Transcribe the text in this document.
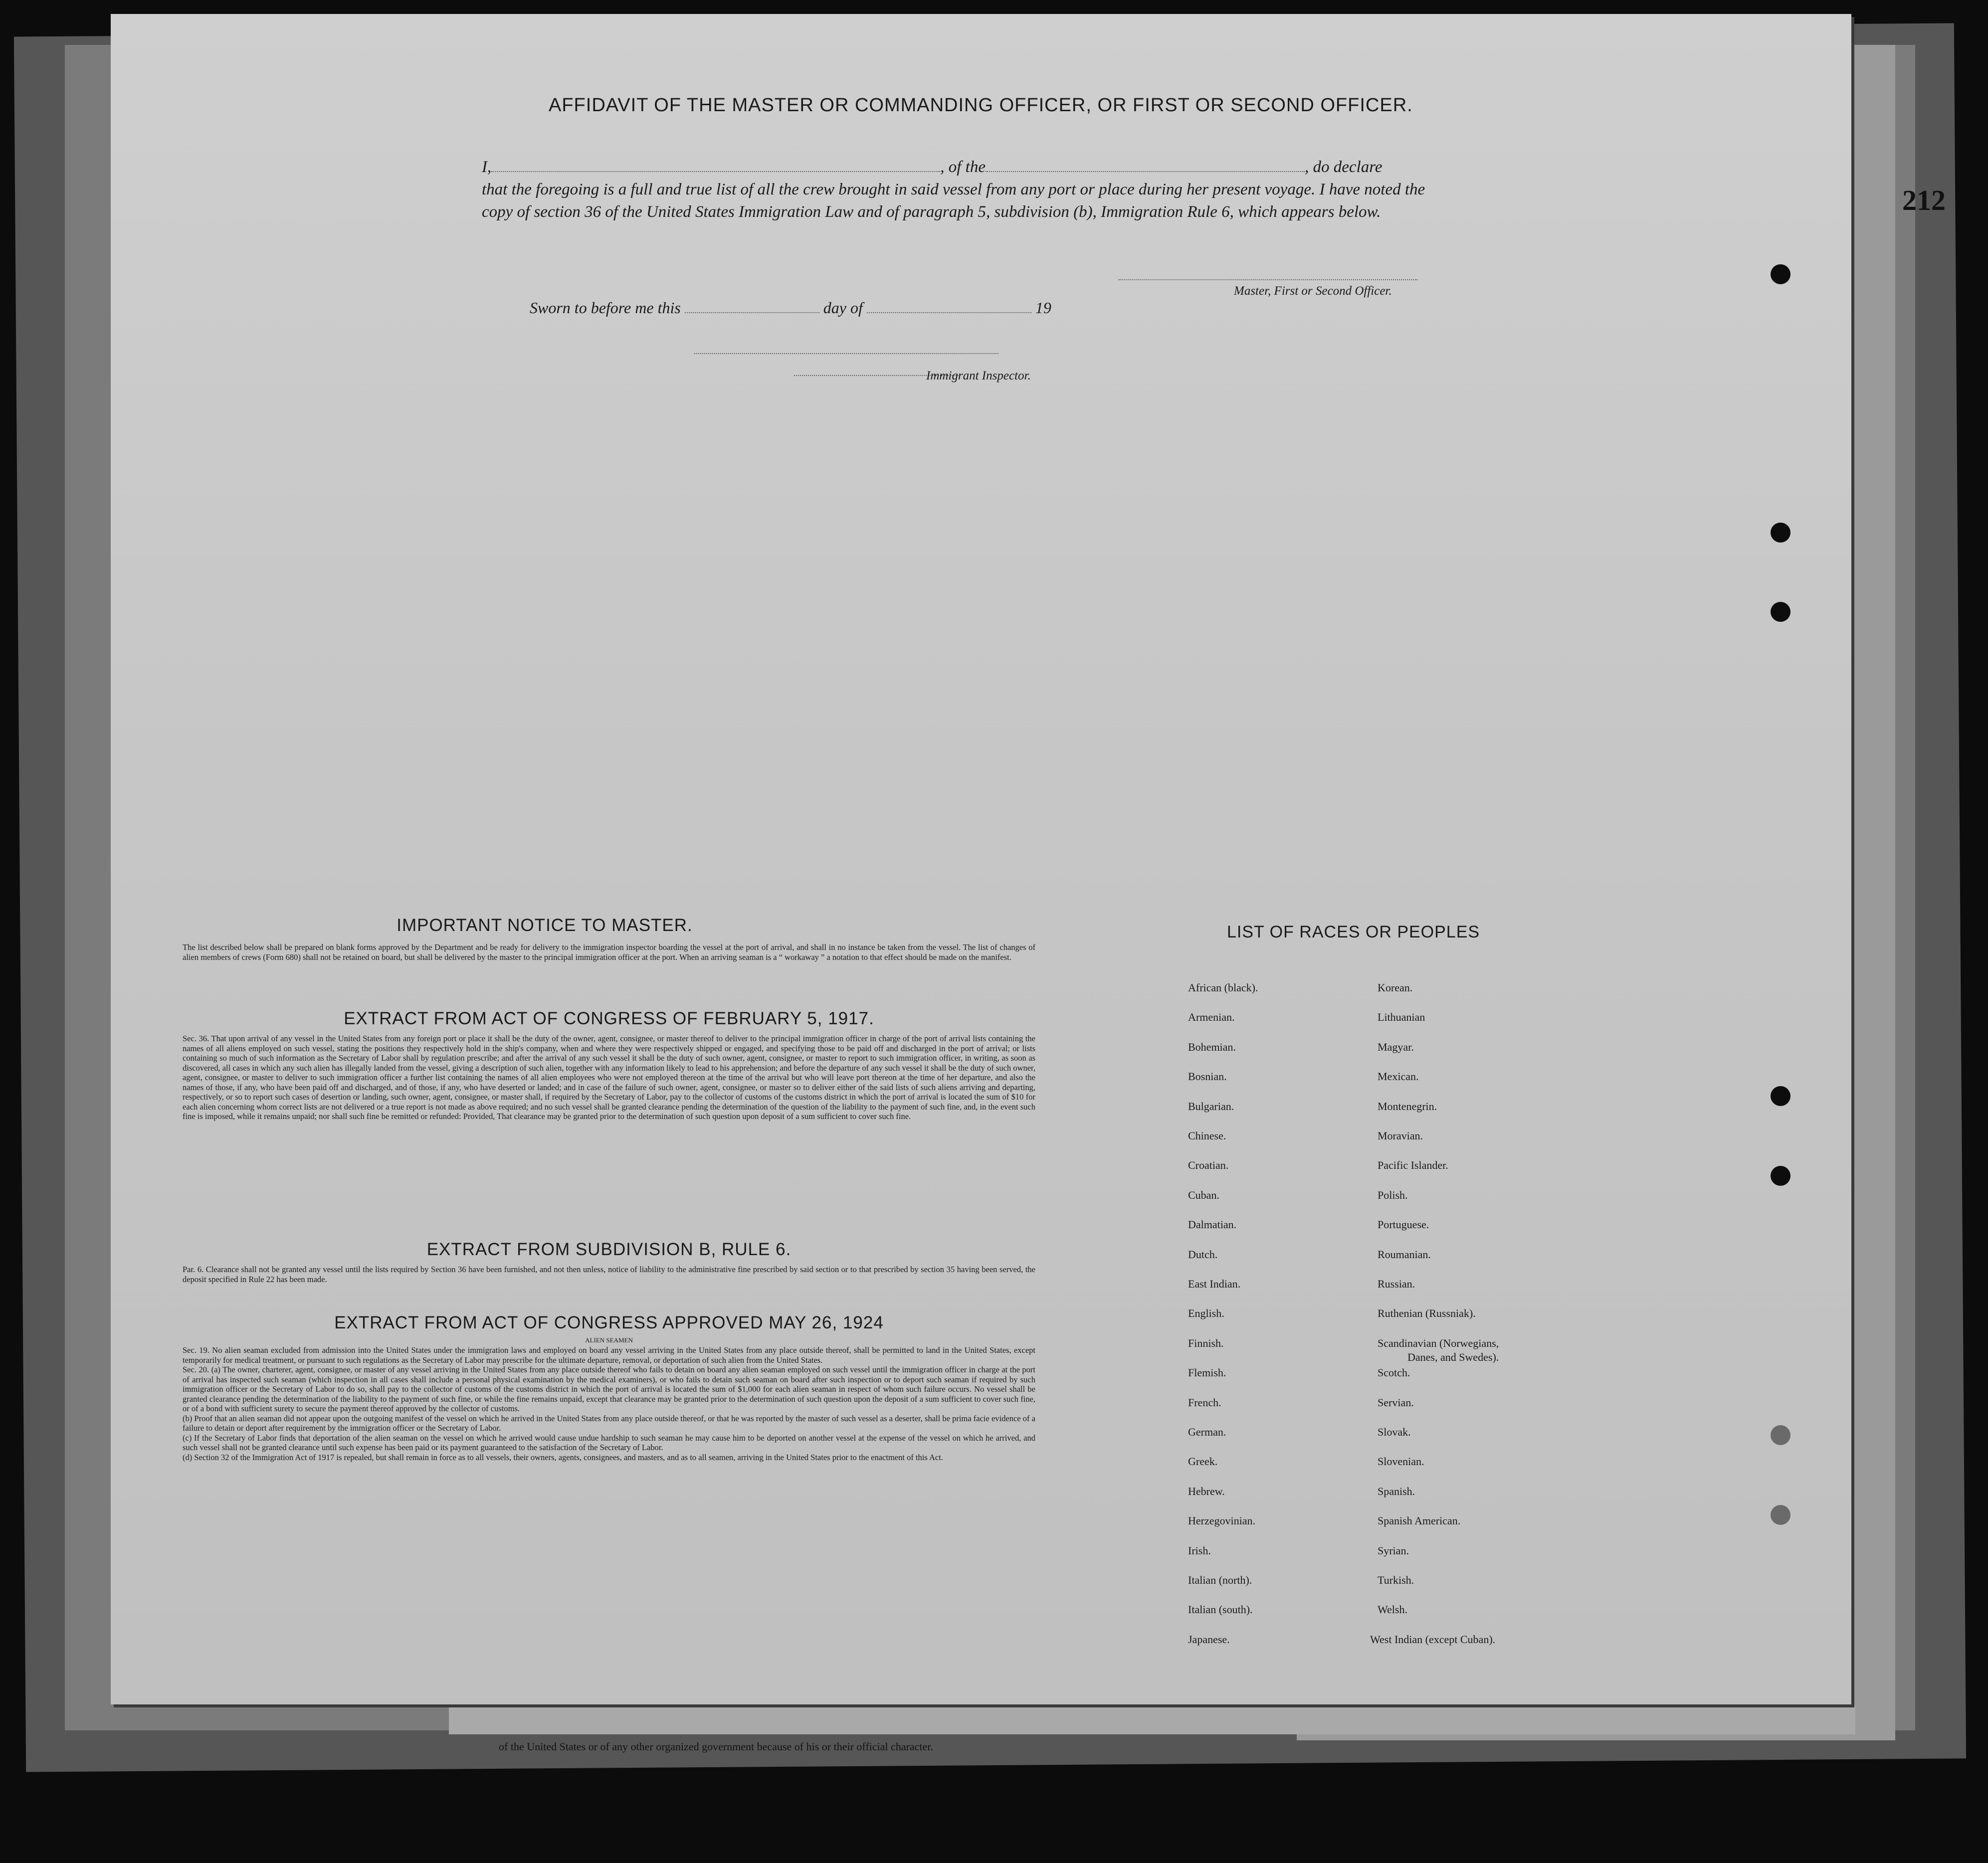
of the United States or of any other organized government because of his or their official character.
212
AFFIDAVIT OF THE MASTER OR COMMANDING OFFICER, OR FIRST OR SECOND OFFICER.
I,	, of the	, do declare
that the foregoing is a full and true list of all the crew brought in said vessel from any port or place during her present voyage. I have noted the copy of section 36 of the United States Immigration Law and of paragraph 5, subdivision (b), Immigration Rule 6, which appears below.
Master, First or Second Officer.
Sworn to before me this	day of	19
Immigrant Inspector.
IMPORTANT NOTICE TO MASTER.
The list described below shall be prepared on blank forms approved by the Department and be ready for delivery to the immigration inspector boarding the vessel at the port of arrival, and shall in no instance be taken from the vessel. The list of changes of alien members of crews (Form 680) shall not be retained on board, but shall be delivered by the master to the principal immigration officer at the port. When an arriving seaman is a “ workaway ” a notation to that effect should be made on the manifest.
EXTRACT FROM ACT OF CONGRESS OF FEBRUARY 5, 1917.
Sec. 36. That upon arrival of any vessel in the United States from any foreign port or place it shall be the duty of the owner, agent, consignee, or master thereof to deliver to the principal immigration officer in charge of the port of arrival lists containing the names of all aliens employed on such vessel, stating the positions they respectively hold in the ship's company, when and where they were respectively shipped or engaged, and specifying those to be paid off and discharged in the port of arrival; or lists containing so much of such information as the Secretary of Labor shall by regulation prescribe; and after the arrival of any such vessel it shall be the duty of such owner, agent, consignee, or master to report to such immigration officer, in writing, as soon as discovered, all cases in which any such alien has illegally landed from the vessel, giving a description of such alien, together with any information likely to lead to his apprehension; and before the departure of any such vessel it shall be the duty of such owner, agent, consignee, or master to deliver to such immigration officer a further list containing the names of all alien employees who were not employed thereon at the time of the arrival but who will leave port thereon at the time of her departure, and also the names of those, if any, who have been paid off and discharged, and of those, if any, who have deserted or landed; and in case of the failure of such owner, agent, consignee, or master so to deliver either of the said lists of such aliens arriving and departing, respectively, or so to report such cases of desertion or landing, such owner, agent, consignee, or master shall, if required by the Secretary of Labor, pay to the collector of customs of the customs district in which the port of arrival is located the sum of $10 for each alien concerning whom correct lists are not delivered or a true report is not made as above required; and no such vessel shall be granted clearance pending the determination of the question of the liability to the payment of such fine, and, in the event such fine is imposed, while it remains unpaid; nor shall such fine be remitted or refunded: Provided, That clearance may be granted prior to the determination of such question upon deposit of a sum sufficient to cover such fine.
EXTRACT FROM SUBDIVISION B, RULE 6.
Par. 6. Clearance shall not be granted any vessel until the lists required by Section 36 have been furnished, and not then unless, notice of liability to the administrative fine prescribed by said section or to that prescribed by section 35 having been served, the deposit specified in Rule 22 has been made.
EXTRACT FROM ACT OF CONGRESS APPROVED MAY 26, 1924
ALIEN SEAMEN

Sec. 19. No alien seaman excluded from admission into the United States under the immigration laws and employed on board any vessel arriving in the United States from any place outside thereof, shall be permitted to land in the United States, except temporarily for medical treatment, or pursuant to such regulations as the Secretary of Labor may prescribe for the ultimate departure, removal, or deportation of such alien from the United States.

Sec. 20. (a) The owner, charterer, agent, consignee, or master of any vessel arriving in the United States from any place outside thereof who fails to detain on board any alien seaman employed on such vessel until the immigration officer in charge at the port of arrival has inspected such seaman (which inspection in all cases shall include a personal physical examination by the medical examiners), or who fails to detain such seaman on board after such inspection or to deport such seaman if required by such immigration officer or the Secretary of Labor to do so, shall pay to the collector of customs of the customs district in which the port of arrival is located the sum of $1,000 for each alien seaman in respect of whom such failure occurs. No vessel shall be granted clearance pending the determination of the liability to the payment of such fine, or while the fine remains unpaid, except that clearance may be granted prior to the determination of such question upon the deposit of a sum sufficient to cover such fine, or of a bond with sufficient surety to secure the payment thereof approved by the collector of customs.

(b) Proof that an alien seaman did not appear upon the outgoing manifest of the vessel on which he arrived in the United States from any place outside thereof, or that he was reported by the master of such vessel as a deserter, shall be prima facie evidence of a failure to detain or deport after requirement by the immigration officer or the Secretary of Labor.

(c) If the Secretary of Labor finds that deportation of the alien seaman on the vessel on which he arrived would cause undue hardship to such seaman he may cause him to be deported on another vessel at the expense of the vessel on which he arrived, and such vessel shall not be granted clearance until such expense has been paid or its payment guaranteed to the satisfaction of the Secretary of Labor.

(d) Section 32 of the Immigration Act of 1917 is repealed, but shall remain in force as to all vessels, their owners, agents, consignees, and masters, and as to all seamen, arriving in the United States prior to the enactment of this Act.

LIST OF RACES OR PEOPLES
African (black).
Armenian.
Bohemian.
Bosnian.
Bulgarian.
Chinese.
Croatian.
Cuban.
Dalmatian.
Dutch.
East Indian.
English.
Finnish.
Flemish.
French.
German.
Greek.
Hebrew.
Herzegovinian.
Irish.
Italian (north).
Italian (south).
Japanese.
Korean.
Lithuanian
Magyar.
Mexican.
Montenegrin.
Moravian.
Pacific Islander.
Polish.
Portuguese.
Roumanian.
Russian.
Ruthenian (Russniak).
Scandinavian (Norwegians,
Scotch.
Servian.
Slovak.
Slovenian.
Spanish.
Spanish American.
Syrian.
Turkish.
Welsh.
West Indian (except Cuban).
Danes, and Swedes).
